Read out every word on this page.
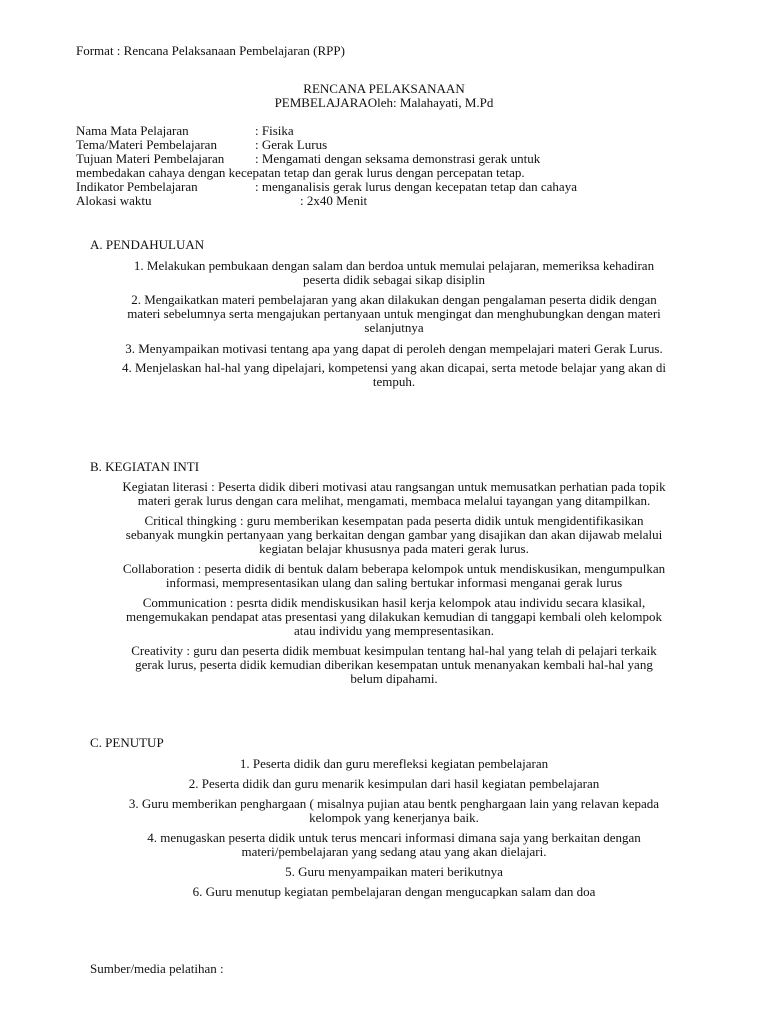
Format : Rencana Pelaksanaan Pembelajaran (RPP)
RENCANA PELAKSANAAN
PEMBELAJARAOleh: Malahayati, M.Pd
Nama Mata Pelajaran	: Fisika
Tema/Materi Pembelajaran	: Gerak Lurus
Tujuan Materi Pembelajaran : Mengamati dengan seksama demonstrasi gerak untuk
membedakan cahaya dengan kecepatan tetap dan gerak lurus dengan percepatan tetap.
Indikator Pembelajaran	: menganalisis gerak lurus dengan kecepatan tetap dan cahaya
Alokasi waktu	: 2x40 Menit
A. PENDAHULUAN

1. Melakukan pembukaan dengan salam dan berdoa untuk memulai pelajaran, memeriksa kehadiran

peserta didik sebagai sikap disiplin

2. Mengaikatkan materi pembelajaran yang akan dilakukan dengan pengalaman peserta didik dengan

materi sebelumnya serta mengajukan pertanyaan untuk mengingat dan menghubungkan dengan materi

selanjutnya

3. Menyampaikan motivasi tentang apa yang dapat di peroleh dengan mempelajari materi Gerak Lurus.

4. Menjelaskan hal-hal yang dipelajari, kompetensi yang akan dicapai, serta metode belajar yang akan di

tempuh.

B. KEGIATAN INTI

Kegiatan literasi : Peserta didik diberi motivasi atau rangsangan untuk memusatkan perhatian pada topik

materi gerak lurus dengan cara melihat, mengamati, membaca melalui tayangan yang ditampilkan.

Critical thingking : guru memberikan kesempatan pada peserta didik untuk mengidentifikasikan

sebanyak mungkin pertanyaan yang berkaitan dengan gambar yang disajikan dan akan dijawab melalui

kegiatan belajar khususnya pada materi gerak lurus.

Collaboration : peserta didik di bentuk dalam beberapa kelompok untuk mendiskusikan, mengumpulkan

informasi, mempresentasikan ulang dan saling bertukar informasi menganai gerak lurus

Communication : pesrta didik mendiskusikan hasil kerja kelompok atau individu secara klasikal,

mengemukakan pendapat atas presentasi yang dilakukan kemudian di tanggapi kembali oleh kelompok

atau individu yang mempresentasikan.

Creativity : guru dan peserta didik membuat kesimpulan tentang hal-hal yang telah di pelajari terkaik

gerak lurus, peserta didik kemudian diberikan kesempatan untuk menanyakan kembali hal-hal yang

belum dipahami.

C. PENUTUP

1. Peserta didik dan guru merefleksi kegiatan pembelajaran

2. Peserta didik dan guru menarik kesimpulan dari hasil kegiatan pembelajaran

3. Guru memberikan penghargaan ( misalnya pujian atau bentk penghargaan lain yang relavan kepada

kelompok yang kenerjanya baik.

4. menugaskan peserta didik untuk terus mencari informasi dimana saja yang berkaitan dengan

materi/pembelajaran yang sedang atau yang akan dielajari.

5. Guru menyampaikan materi berikutnya

6. Guru menutup kegiatan pembelajaran dengan mengucapkan salam dan doa

Sumber/media pelatihan :
